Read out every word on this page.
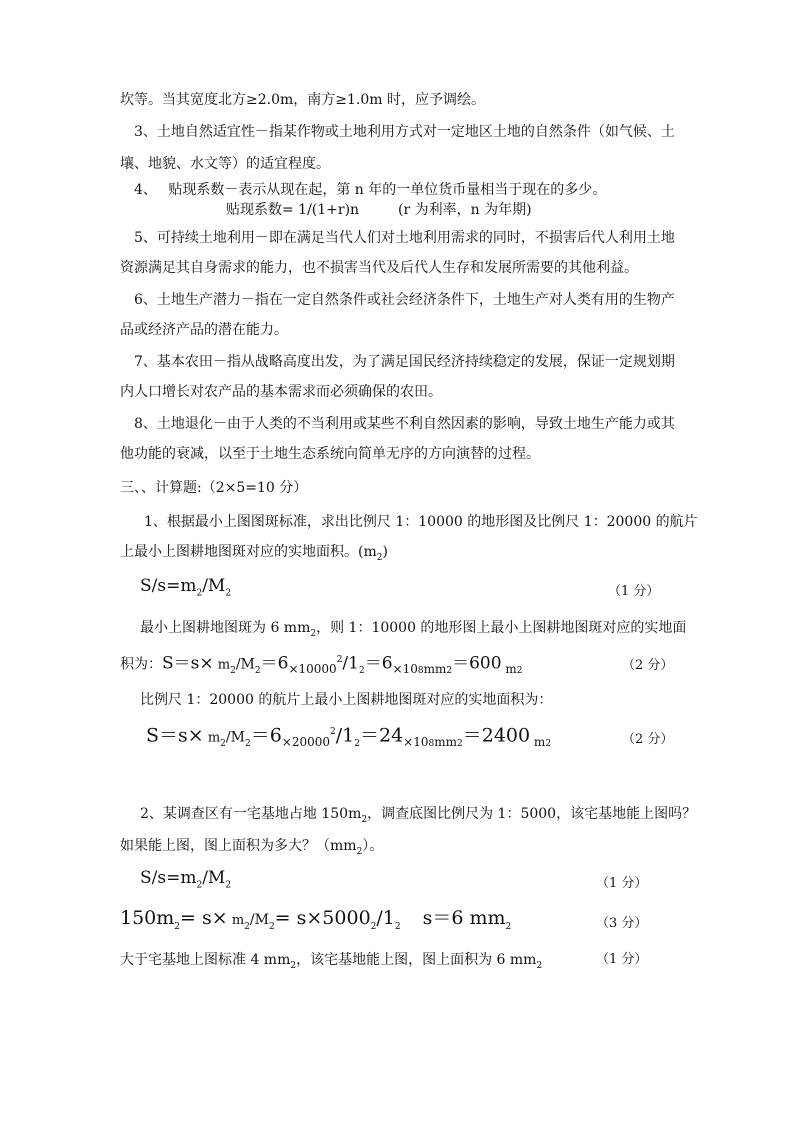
坎等。当其宽度北方≥2.0m，南方≥1.0m 时，应予调绘。
3、土地自然适宜性－指某作物或土地利用方式对一定地区土地的自然条件（如气候、土
壤、地貌、水文等）的适宜程度。
4、　 贴现系数－表示从现在起，第 n 年的一单位货币量相当于现在的多少。
贴现系数= 1/(1+r)n	(r 为利率，n 为年期)
5、可持续土地利用－即在满足当代人们对土地利用需求的同时，不损害后代人利用土地
资源满足其自身需求的能力，也不损害当代及后代人生存和发展所需要的其他利益。
6、土地生产潜力－指在一定自然条件或社会经济条件下，土地生产对人类有用的生物产
品或经济产品的潜在能力。
7、基本农田－指从战略高度出发，为了满足国民经济持续稳定的发展，保证一定规划期
内人口增长对农产品的基本需求而必须确保的农田。
8、土地退化－由于人类的不当利用或某些不利自然因素的影响，导致土地生产能力或其
他功能的衰减，以至于土地生态系统向简单无序的方向演替的过程。
三、、计算题:（2×5=10 分）
1、根据最小上图图斑标准，求出比例尺 1：10000 的地形图及比例尺 1：20000 的航片
上最小上图耕地图斑对应的实地面积。$(m_2)$
$S/s=m_2/M_2$	（1 分）
最小上图耕地图斑为 6 $mm_2$，则 1：10000 的地形图上最小上图耕地图斑对应的实地面
积为：$S=s\times m_2/M_2=6_{\times 10000}^2/1_2=6_{\times 108mm2}=600$ $_{m2}$	（2 分）
比例尺 1：20000 的航片上最小上图耕地图斑对应的实地面积为：
$S=s\times m_2/M_2=6_{\times 20000}^2/1_2=24_{\times 108mm2}=2400$ $_{m2}$	（2 分）
2、某调查区有一宅基地占地 $150m_2$，调查底图比例尺为 1：5000，该宅基地能上图吗？
如果能上图，图上面积为多大？$(mm_2)$。
$S/s=m_2/M_2$	（1 分）
$150m_2= s\times m_2/M_2= s\times 5000_2/1_2$ s＝6 $mm_2$	（3 分）
大于宅基地上图标准 4 $mm_2$，该宅基地能上图，图上面积为 6 $mm_2$	（1 分）
